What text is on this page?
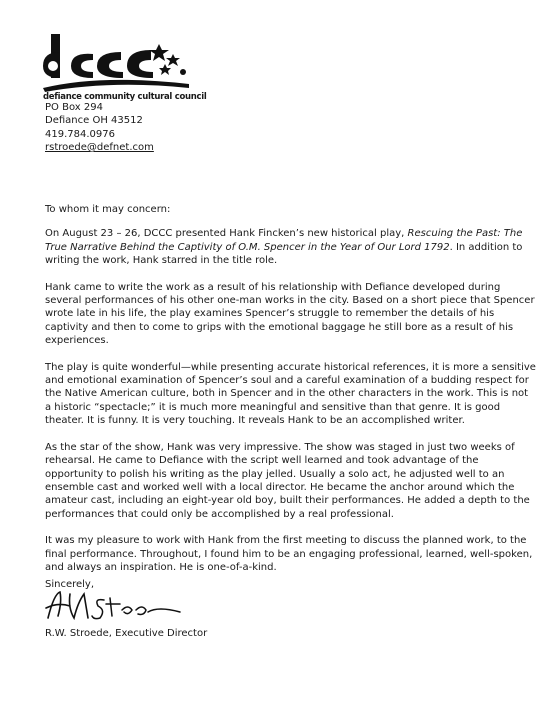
defiance community cultural council
PO Box 294
Defiance OH 43512
419.784.0976
rstroede@defnet.com

To whom it may concern:

On August 23 – 26, DCCC presented Hank Fincken’s new historical play, Rescuing the Past: The True Narrative Behind the Captivity of O.M. Spencer in the Year of Our Lord 1792. In addition to writing the work, Hank starred in the title role.

Hank came to write the work as a result of his relationship with Defiance developed during several performances of his other one-man works in the city. Based on a short piece that Spencer wrote late in his life, the play examines Spencer’s struggle to remember the details of his captivity and then to come to grips with the emotional baggage he still bore as a result of his experiences.

The play is quite wonderful—while presenting accurate historical references, it is more a sensitive and emotional examination of Spencer’s soul and a careful examination of a budding respect for the Native American culture, both in Spencer and in the other characters in the work. This is not a historic “spectacle;” it is much more meaningful and sensitive than that genre. It is good theater. It is funny. It is very touching. It reveals Hank to be an accomplished writer.

As the star of the show, Hank was very impressive. The show was staged in just two weeks of rehearsal. He came to Defiance with the script well learned and took advantage of the opportunity to polish his writing as the play jelled. Usually a solo act, he adjusted well to an ensemble cast and worked well with a local director. He became the anchor around which the amateur cast, including an eight-year old boy, built their performances. He added a depth to the performances that could only be accomplished by a real professional.

It was my pleasure to work with Hank from the first meeting to discuss the planned work, to the final performance. Throughout, I found him to be an engaging professional, learned, well-spoken, and always an inspiration. He is one-of-a-kind.

Sincerely,
R.W. Stroede, Executive Director
